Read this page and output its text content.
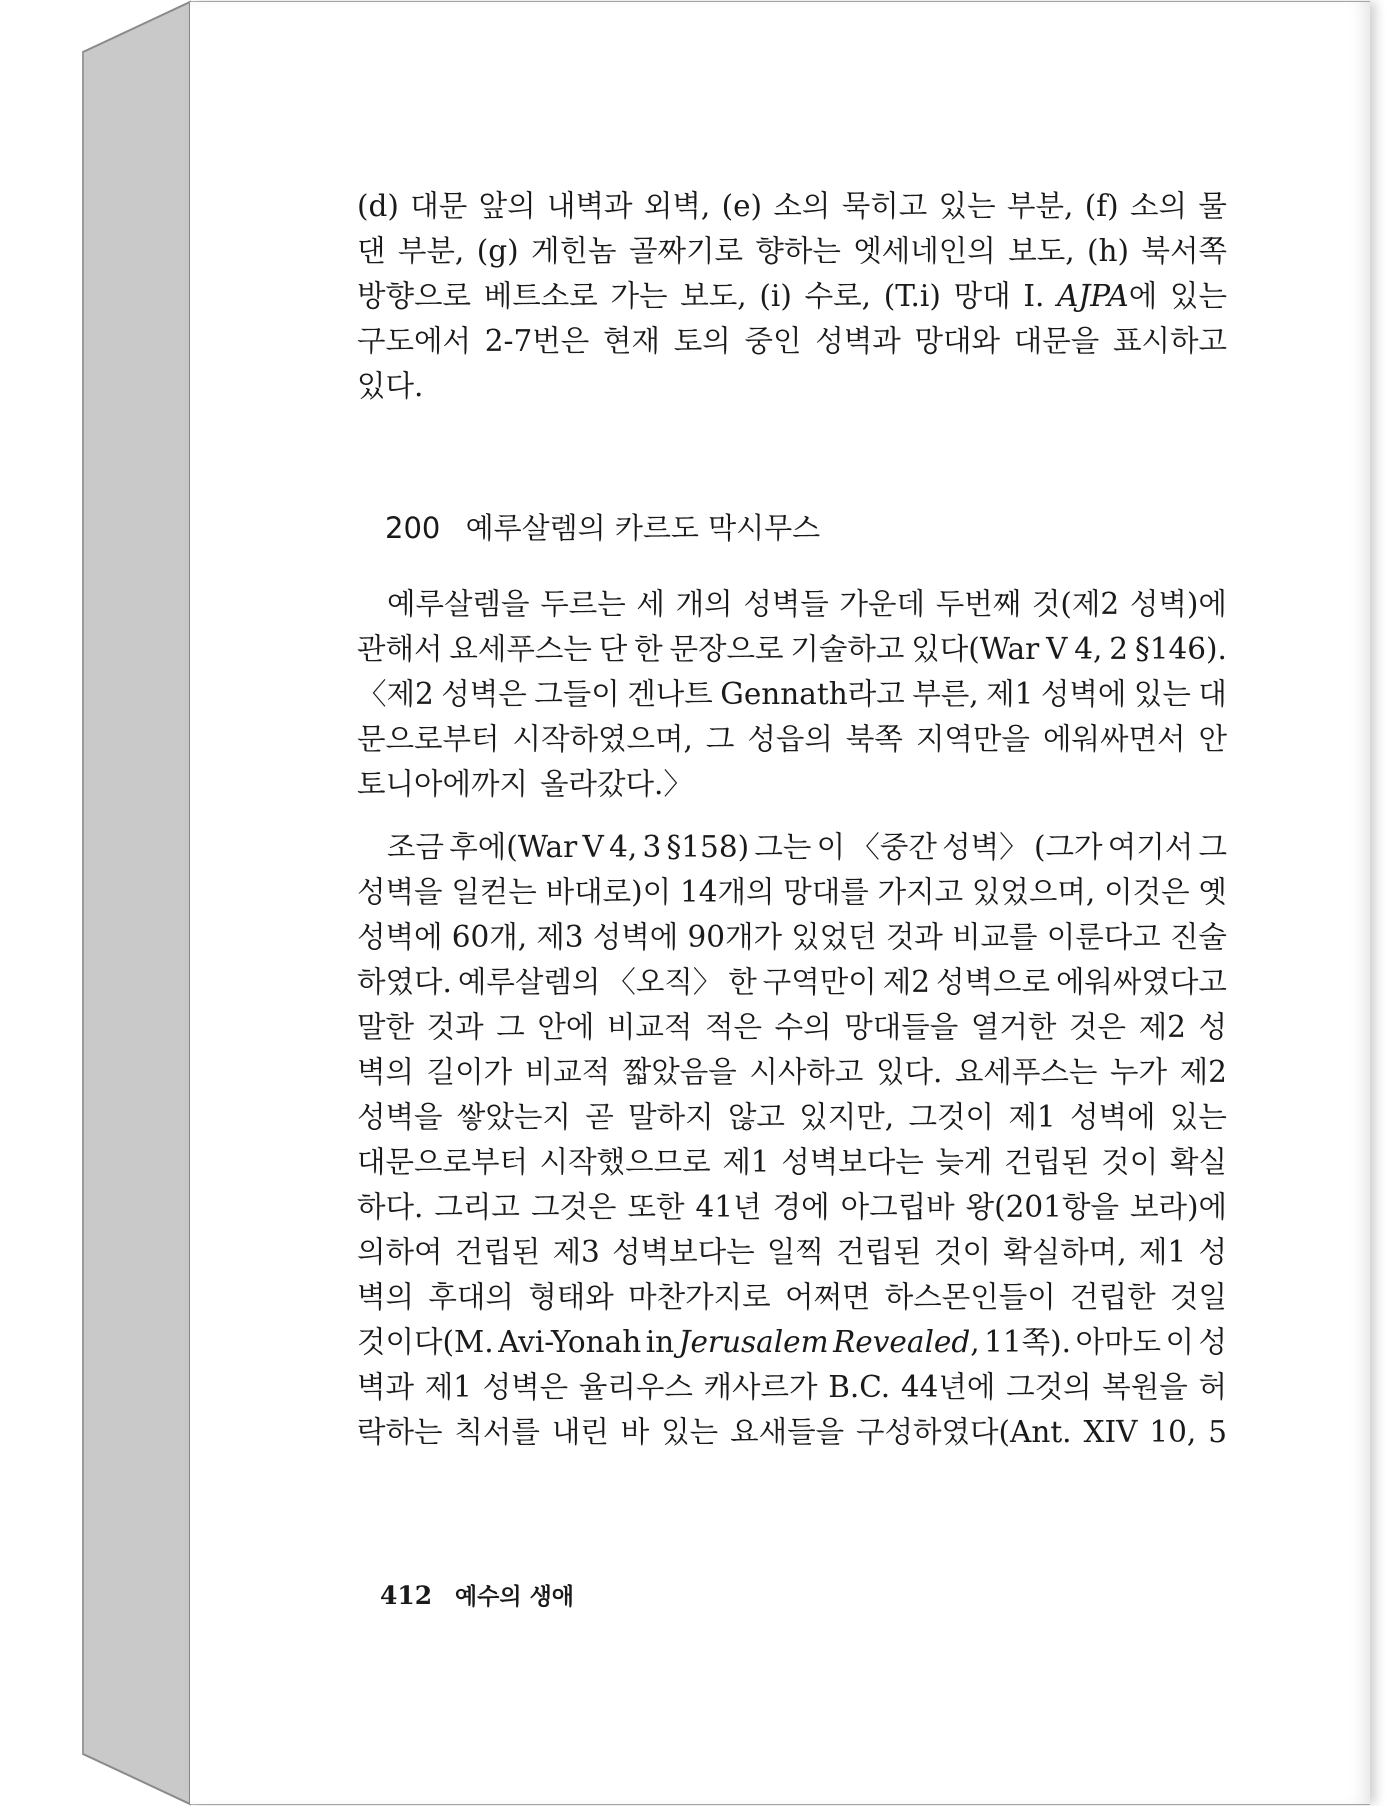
(d) 대문 앞의 내벽과 외벽, (e) 소의 묵히고 있는 부분, (f) 소의 물
댄 부분, (g) 게힌놈 골짜기로 향하는 엣세네인의 보도, (h) 북서쪽
방향으로 베트소로 가는 보도, (i) 수로, (T.i) 망대 I. AJPA에 있는
구도에서 2-7번은 현재 토의 중인 성벽과 망대와 대문을 표시하고
있다.
200 예루살렘의 카르도 막시무스
예루살렘을 두르는 세 개의 성벽들 가운데 두번째 것(제2 성벽)에
관해서 요세푸스는 단 한 문장으로 기술하고 있다(War V 4, 2 §146).
〈제2 성벽은 그들이 겐나트 Gennath라고 부른, 제1 성벽에 있는 대
문으로부터 시작하였으며, 그 성읍의 북쪽 지역만을 에워싸면서 안
토니아에까지 올라갔다.〉
조금 후에(War V 4, 3 §158) 그는 이 〈중간 성벽〉 (그가 여기서 그
성벽을 일컫는 바대로)이 14개의 망대를 가지고 있었으며, 이것은 옛
성벽에 60개, 제3 성벽에 90개가 있었던 것과 비교를 이룬다고 진술
하였다. 예루살렘의 〈오직〉 한 구역만이 제2 성벽으로 에워싸였다고
말한 것과 그 안에 비교적 적은 수의 망대들을 열거한 것은 제2 성
벽의 길이가 비교적 짧았음을 시사하고 있다. 요세푸스는 누가 제2
성벽을 쌓았는지 곧 말하지 않고 있지만, 그것이 제1 성벽에 있는
대문으로부터 시작했으므로 제1 성벽보다는 늦게 건립된 것이 확실
하다. 그리고 그것은 또한 41년 경에 아그립바 왕(201항을 보라)에
의하여 건립된 제3 성벽보다는 일찍 건립된 것이 확실하며, 제1 성
벽의 후대의 형태와 마찬가지로 어쩌면 하스몬인들이 건립한 것일
것이다(M. Avi-Yonah in Jerusalem Revealed, 11쪽). 아마도 이 성
벽과 제1 성벽은 율리우스 캐사르가 B.C. 44년에 그것의 복원을 허
락하는 칙서를 내린 바 있는 요새들을 구성하였다(Ant. XIV 10, 5
412 예수의 생애
